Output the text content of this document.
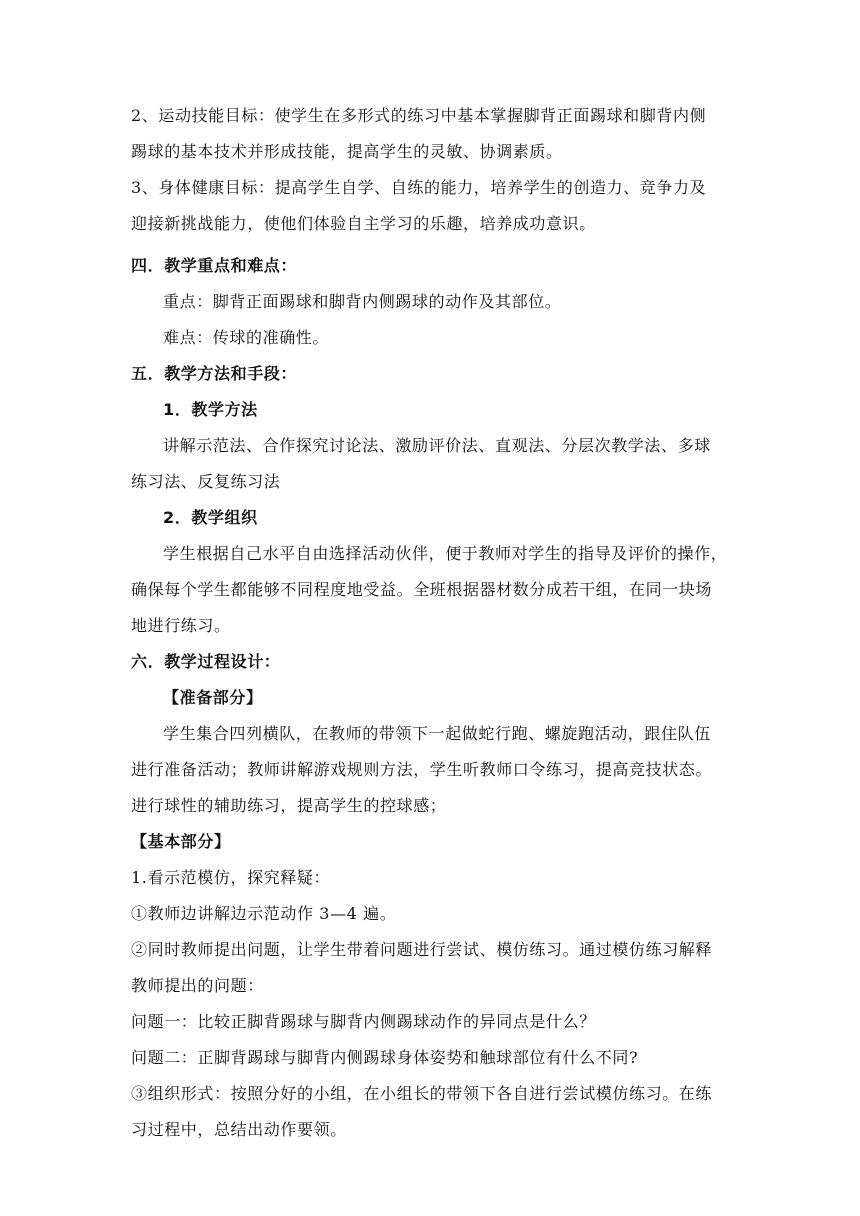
2、运动技能目标：使学生在多形式的练习中基本掌握脚背正面踢球和脚背内侧
踢球的基本技术并形成技能，提高学生的灵敏、协调素质。
3、身体健康目标：提高学生自学、自练的能力，培养学生的创造力、竞争力及
迎接新挑战能力，使他们体验自主学习的乐趣，培养成功意识。
四．教学重点和难点：
重点：脚背正面踢球和脚背内侧踢球的动作及其部位。
难点：传球的准确性。
五．教学方法和手段：
1．教学方法
讲解示范法、合作探究讨论法、激励评价法、直观法、分层次教学法、多球
练习法、反复练习法
2．教学组织
学生根据自己水平自由选择活动伙伴，便于教师对学生的指导及评价的操作，
确保每个学生都能够不同程度地受益。全班根据器材数分成若干组，在同一块场
地进行练习。
六．教学过程设计：
【准备部分】
学生集合四列横队，在教师的带领下一起做蛇行跑、螺旋跑活动，跟住队伍
进行准备活动；教师讲解游戏规则方法，学生听教师口令练习，提高竞技状态。
进行球性的辅助练习，提高学生的控球感；
【基本部分】
1.看示范模仿，探究释疑：
①教师边讲解边示范动作 3—4 遍。
②同时教师提出问题，让学生带着问题进行尝试、模仿练习。通过模仿练习解释
教师提出的问题：
问题一：比较正脚背踢球与脚背内侧踢球动作的异同点是什么？
问题二：正脚背踢球与脚背内侧踢球身体姿势和触球部位有什么不同?
③组织形式：按照分好的小组，在小组长的带领下各自进行尝试模仿练习。在练
习过程中，总结出动作要领。
